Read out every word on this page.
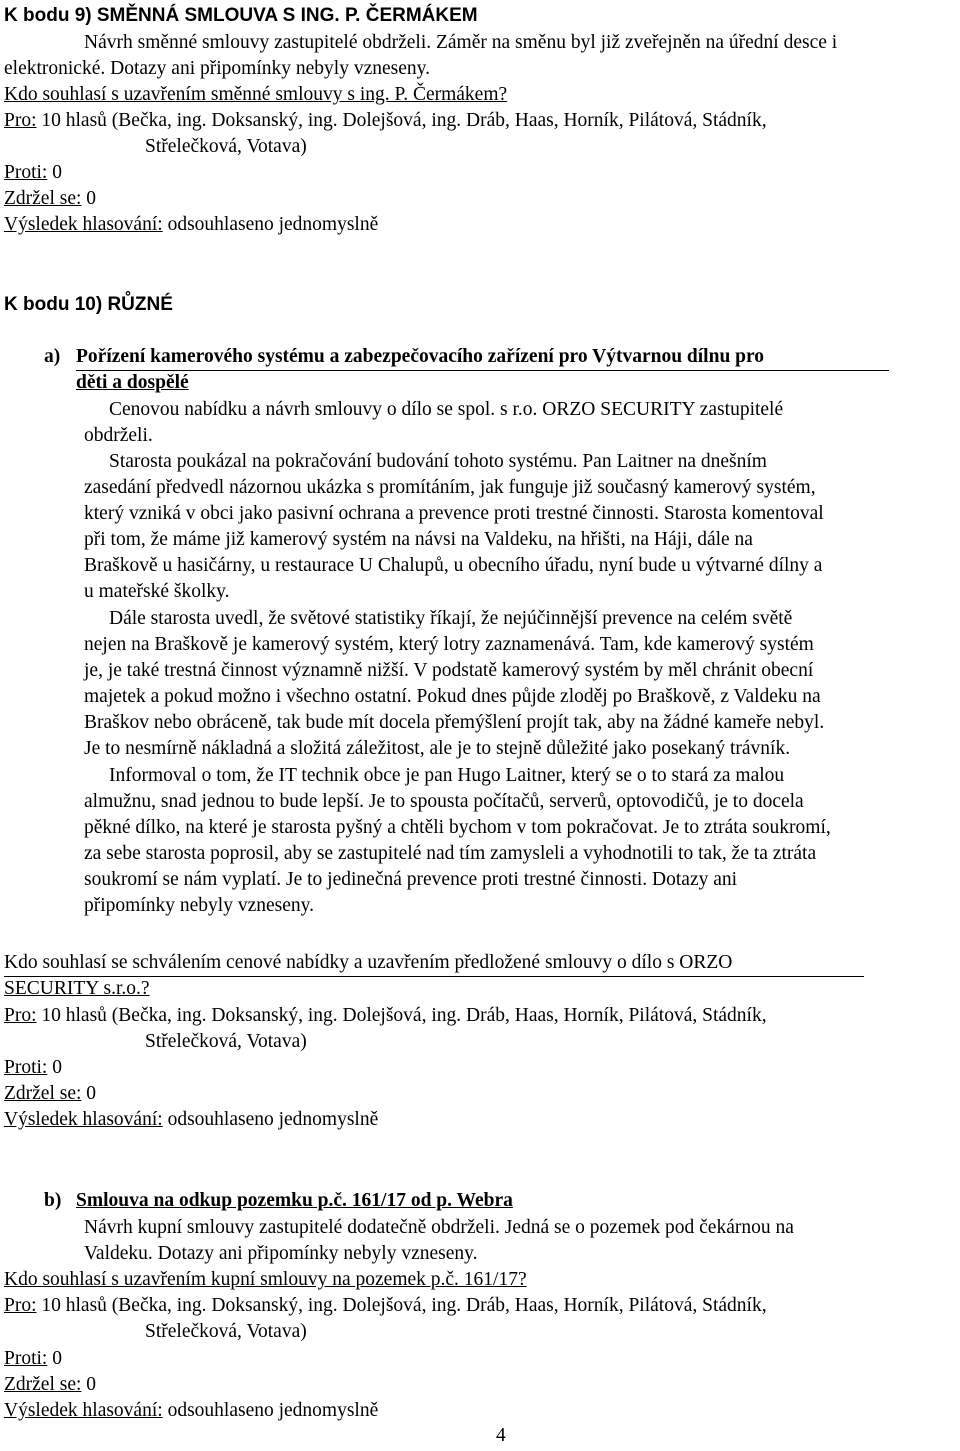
K bodu 9) SMĚNNÁ SMLOUVA S ING. P. ČERMÁKEM
Návrh směnné smlouvy zastupitelé obdrželi. Záměr na směnu byl již zveřejněn na úřední desce i
elektronické. Dotazy ani připomínky nebyly vzneseny.
Kdo souhlasí s uzavřením směnné smlouvy s ing. P. Čermákem?
Pro: 10 hlasů (Bečka, ing. Doksanský, ing. Dolejšová, ing. Dráb, Haas, Horník, Pilátová, Stádník,
Střelečková, Votava)
Proti: 0
Zdržel se: 0
Výsledek hlasování: odsouhlaseno jednomyslně
K bodu 10) RŮZNÉ
a) Pořízení kamerového systému a zabezpečovacího zařízení pro Výtvarnou dílnu pro
děti a dospělé
Cenovou nabídku a návrh smlouvy o dílo se spol. s r.o. ORZO SECURITY zastupitelé
obdrželi.
Starosta poukázal na pokračování budování tohoto systému. Pan Laitner na dnešním
zasedání předvedl názornou ukázka s promítáním, jak funguje již současný kamerový systém,
který vzniká v obci jako pasivní ochrana a prevence proti trestné činnosti. Starosta komentoval
při tom, že máme již kamerový systém na návsi na Valdeku, na hřišti, na Háji, dále na
Braškově u hasičárny, u restaurace U Chalupů, u obecního úřadu, nyní bude u výtvarné dílny a
u mateřské školky.
Dále starosta uvedl, že světové statistiky říkají, že nejúčinnější prevence na celém světě
nejen na Braškově je kamerový systém, který lotry zaznamenává. Tam, kde kamerový systém
je, je také trestná činnost významně nižší. V podstatě kamerový systém by měl chránit obecní
majetek a pokud možno i všechno ostatní. Pokud dnes půjde zloděj po Braškově, z Valdeku na
Braškov nebo obráceně, tak bude mít docela přemýšlení projít tak, aby na žádné kameře nebyl.
Je to nesmírně nákladná a složitá záležitost, ale je to stejně důležité jako posekaný trávník.
Informoval o tom, že IT technik obce je pan Hugo Laitner, který se o to stará za malou
almužnu, snad jednou to bude lepší. Je to spousta počítačů, serverů, optovodičů, je to docela
pěkné dílko, na které je starosta pyšný a chtěli bychom v tom pokračovat. Je to ztráta soukromí,
za sebe starosta poprosil, aby se zastupitelé nad tím zamysleli a vyhodnotili to tak, že ta ztráta
soukromí se nám vyplatí. Je to jedinečná prevence proti trestné činnosti. Dotazy ani
připomínky nebyly vzneseny.
Kdo souhlasí se schválením cenové nabídky a uzavřením předložené smlouvy o dílo s ORZO
SECURITY s.r.o.?
Pro: 10 hlasů (Bečka, ing. Doksanský, ing. Dolejšová, ing. Dráb, Haas, Horník, Pilátová, Stádník,
Střelečková, Votava)
Proti: 0
Zdržel se: 0
Výsledek hlasování: odsouhlaseno jednomyslně
b) Smlouva na odkup pozemku p.č. 161/17 od p. Webra
Návrh kupní smlouvy zastupitelé dodatečně obdrželi. Jedná se o pozemek pod čekárnou na
Valdeku. Dotazy ani připomínky nebyly vzneseny.
Kdo souhlasí s uzavřením kupní smlouvy na pozemek p.č. 161/17?
Pro: 10 hlasů (Bečka, ing. Doksanský, ing. Dolejšová, ing. Dráb, Haas, Horník, Pilátová, Stádník,
Střelečková, Votava)
Proti: 0
Zdržel se: 0
Výsledek hlasování: odsouhlaseno jednomyslně
4
